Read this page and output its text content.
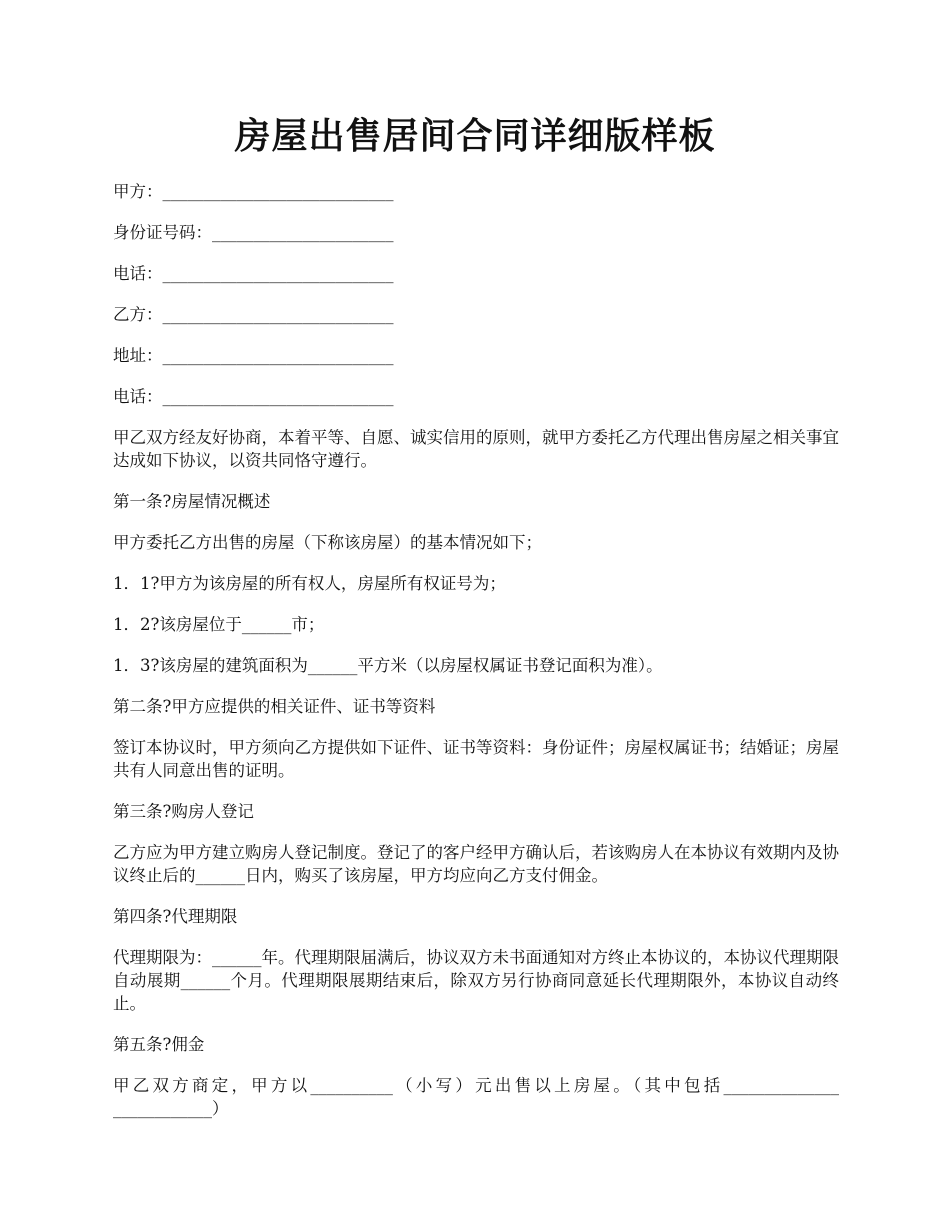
房屋出售居间合同详细版样板
甲方：____________________________
身份证号码：______________________
电话：____________________________
乙方：____________________________
地址：____________________________
电话：____________________________

甲乙双方经友好协商，本着平等、自愿、诚实信用的原则，就甲方委托乙方代理出售房屋之相关事宜达成如下协议，以资共同恪守遵行。

第一条?房屋情况概述

甲方委托乙方出售的房屋（下称该房屋）的基本情况如下；

1．1?甲方为该房屋的所有权人，房屋所有权证号为；

1．2?该房屋位于______市；

1．3?该房屋的建筑面积为______平方米（以房屋权属证书登记面积为准）。

第二条?甲方应提供的相关证件、证书等资料

签订本协议时，甲方须向乙方提供如下证件、证书等资料：身份证件；房屋权属证书；结婚证；房屋共有人同意出售的证明。

第三条?购房人登记

乙方应为甲方建立购房人登记制度。登记了的客户经甲方确认后，若该购房人在本协议有效期内及协议终止后的______日内，购买了该房屋，甲方均应向乙方支付佣金。

第四条?代理期限

代理期限为：______年。代理期限届满后，协议双方未书面通知对方终止本协议的，本协议代理期限自动展期______个月。代理期限展期结束后，除双方另行协商同意延长代理期限外，本协议自动终止。

第五条?佣金

甲乙双方商定，甲方以__________（小写）元出售以上房屋。（其中包括______________ ____________）
